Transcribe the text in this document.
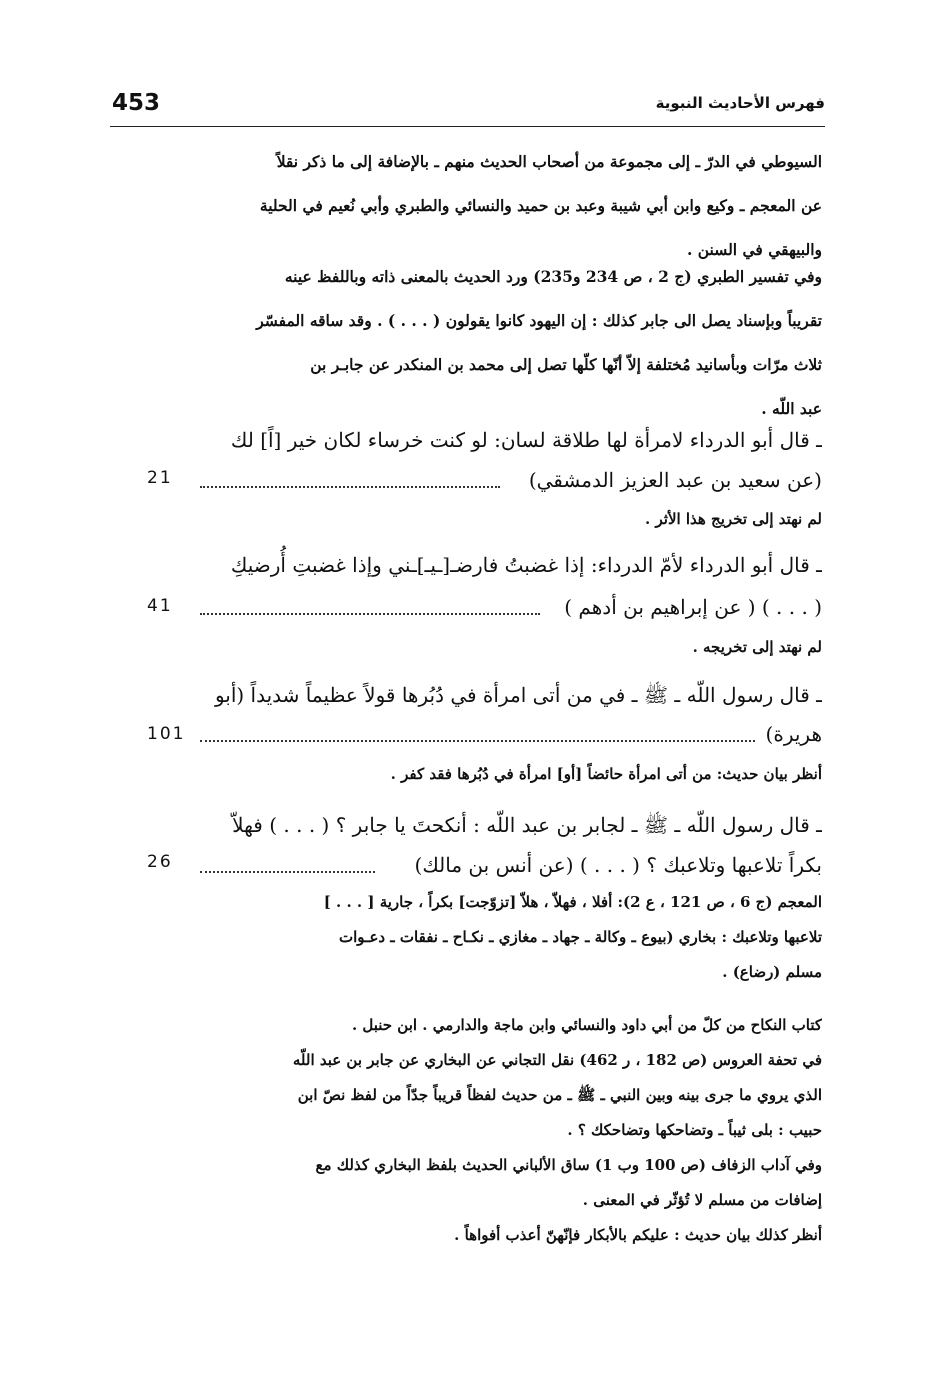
453	فهرس الأحاديث النبوية
السيوطي في الدرّ ـ إلى مجموعة من أصحاب الحديث منهم ـ بالإضافة إلى ما ذكر نقلاً
عن المعجم ـ وكيع وابن أبي شيبة وعبد بن حميد والنسائي والطبري وأبي نُعيم في الحلية
والبيهقي في السنن .
وفي تفسير الطبري (ج 2 ، ص 234 و235) ورد الحديث بالمعنى ذاته وباللفظ عينه
تقريباً وبإسناد يصل الى جابر كذلك : إن اليهود كانوا يقولون ( . . . ) . وقد ساقه المفسّر
ثلاث مرّات وبأسانيد مُختلفة إلاّ أنّها كلّها تصل إلى محمد بن المنكدر عن جابـر بن
عبد اللّه .
ـ قال أبو الدرداء لامرأة لها طلاقة لسان: لو كنت خرساء لكان خير [اً] لك
(عن سعيد بن عبد العزيز الدمشقي)
21
لم نهتد إلى تخريج هذا الأثر .
ـ قال أبو الدرداء لأمّ الدرداء: إذا غضبتُ فارضـ[ـيـ]ـني وإذا غضبتِ أُرضيكِ
( . . . ) ( عن إبراهيم بن أدهم )
41
لم نهتد إلى تخريجه .
ـ قال رسول اللّه ـ ﷺ ـ في من أتى امرأة في دُبُرها قولاً عظيماً شديداً (أبو
هريرة)
101
أنظر بيان حديث: من أتى امرأة حائضاً [أو] امرأة في دُبُرها فقد كفر .
ـ قال رسول اللّه ـ ﷺ ـ لجابر بن عبد اللّه : أنكحتَ يا جابر ؟ ( . . . ) فهلاّ
بكراً تلاعبها وتلاعبك ؟ ( . . . ) (عن أنس بن مالك)
26
المعجم (ج 6 ، ص 121 ، ع 2): أفلا ، فهلاّ ، هلاّ [تزوّجت] بكراً ، جارية [ . . . ]
تلاعبها وتلاعبك : بخاري (بيوع ـ وكالة ـ جهاد ـ مغازي ـ نكـاح ـ نفقات ـ دعـوات
مسلم (رضاع) .
كتاب النكاح من كلّ من أبي داود والنسائي وابن ماجة والدارمي . ابن حنبل .
في تحفة العروس (ص 182 ، ر 462) نقل التجاني عن البخاري عن جابر بن عبد اللّه
الذي يروي ما جرى بينه وبين النبي ـ ﷺ ـ من حديث لفظاً قريباً جدّاً من لفظ نصّ ابن
حبيب : بلى ثيباً ـ وتضاحكها وتضاحكك ؟ .
وفي آداب الزفاف (ص 100 وب 1) ساق الألباني الحديث بلفظ البخاري كذلك مع
إضافات من مسلم لا تُؤثّر في المعنى .
أنظر كذلك بيان حديث : عليكم بالأبكار فإنّهنّ أعذب أفواهاً .
